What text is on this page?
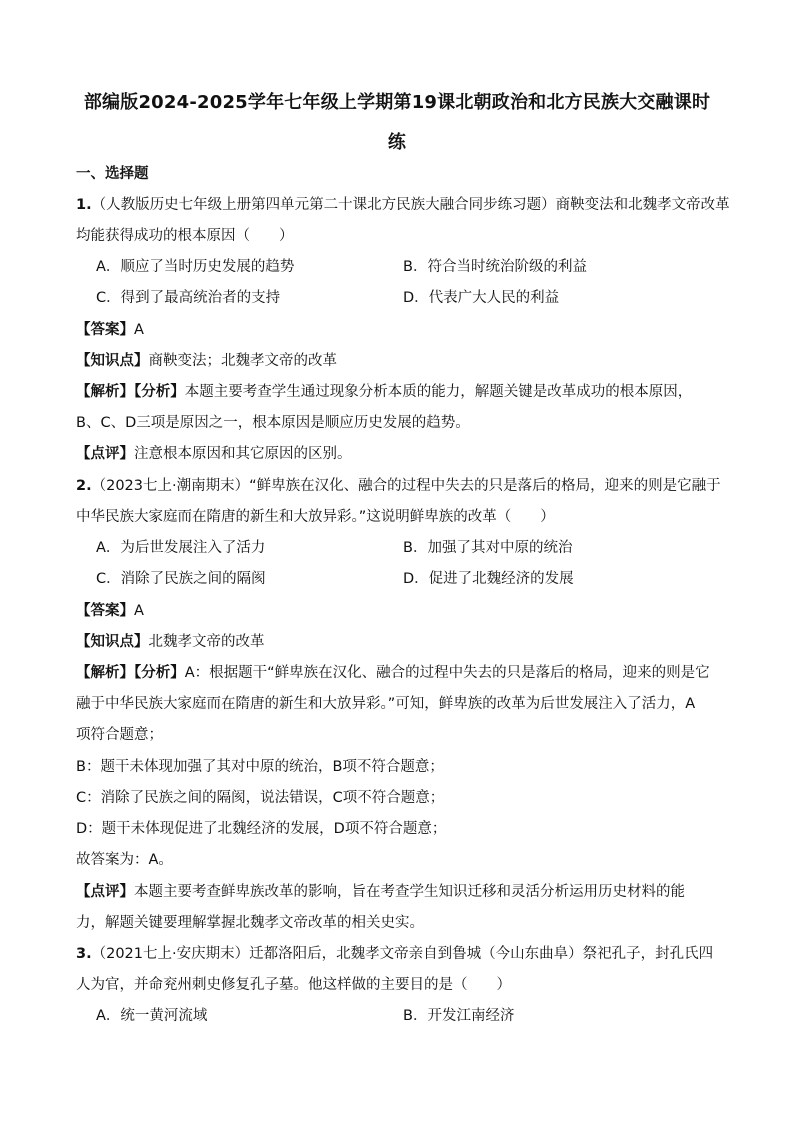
部编版2024-2025学年七年级上学期第19课北朝政治和北方民族大交融课时
练
一、选择题
1.（人教版历史七年级上册第四单元第二十课北方民族大融合同步练习题）商鞅变法和北魏孝文帝改革
均能获得成功的根本原因（　　）
A．顺应了当时历史发展的趋势	B．符合当时统治阶级的利益
C．得到了最高统治者的支持	D．代表广大人民的利益
【答案】A
【知识点】商鞅变法；北魏孝文帝的改革
【解析】【分析】本题主要考查学生通过现象分析本质的能力，解题关键是改革成功的根本原因，
B、C、D三项是原因之一，根本原因是顺应历史发展的趋势。
【点评】注意根本原因和其它原因的区别。
2.（2023七上·潮南期末）“鲜卑族在汉化、融合的过程中失去的只是落后的格局，迎来的则是它融于
中华民族大家庭而在隋唐的新生和大放异彩。”这说明鲜卑族的改革（　　）
A．为后世发展注入了活力	B．加强了其对中原的统治
C．消除了民族之间的隔阂	D．促进了北魏经济的发展
【答案】A
【知识点】北魏孝文帝的改革
【解析】【分析】A：根据题干“鲜卑族在汉化、融合的过程中失去的只是落后的格局，迎来的则是它
融于中华民族大家庭而在隋唐的新生和大放异彩。”可知，鲜卑族的改革为后世发展注入了活力，A
项符合题意；
B：题干未体现加强了其对中原的统治，B项不符合题意；
C：消除了民族之间的隔阂，说法错误，C项不符合题意；
D：题干未体现促进了北魏经济的发展，D项不符合题意；
故答案为：A。
【点评】本题主要考查鲜卑族改革的影响，旨在考查学生知识迁移和灵活分析运用历史材料的能
力，解题关键要理解掌握北魏孝文帝改革的相关史实。
3.（2021七上·安庆期末）迁都洛阳后，北魏孝文帝亲自到鲁城（今山东曲阜）祭祀孔子，封孔氏四
人为官，并命兖州刺史修复孔子墓。他这样做的主要目的是（　　）
A．统一黄河流域	B．开发江南经济
